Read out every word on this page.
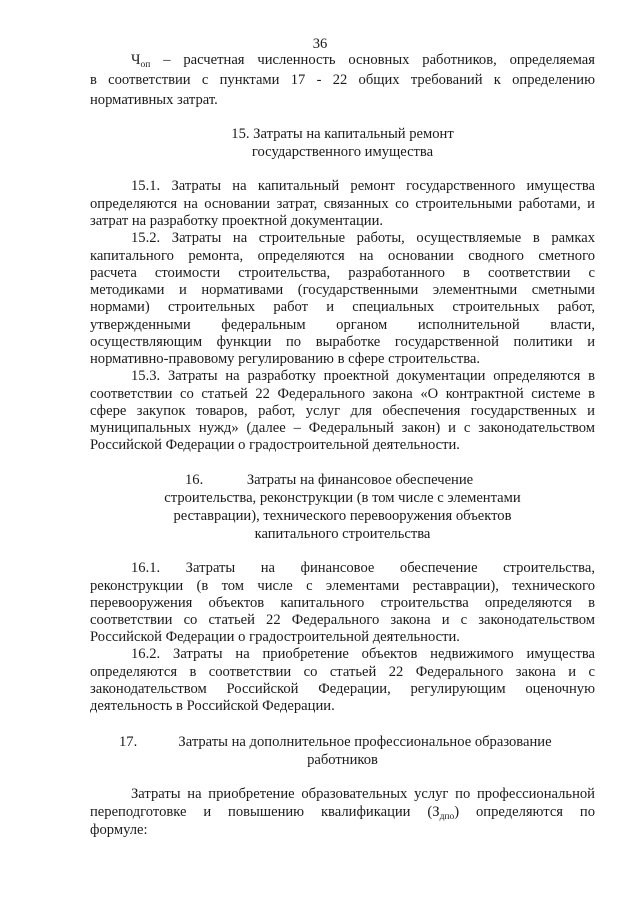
36
$Ч_{оп}$ – расчетная численность основных работников, определяемая
в соответствии с пунктами 17 - 22 общих требований к определению
нормативных затрат.
15. Затраты на капитальный ремонт
государственного имущества
15.1. Затраты на капитальный ремонт государственного имущества
определяются на основании затрат, связанных со строительными работами, и
затрат на разработку проектной документации.
15.2. Затраты на строительные работы, осуществляемые в рамках
капитального ремонта, определяются на основании сводного сметного
расчета стоимости строительства, разработанного в соответствии с
методиками и нормативами (государственными элементными сметными
нормами) строительных работ и специальных строительных работ,
утвержденными федеральным органом исполнительной власти,
осуществляющим функции по выработке государственной политики и
нормативно-правовому регулированию в сфере строительства.
15.3. Затраты на разработку проектной документации определяются в
соответствии со статьей 22 Федерального закона «О контрактной системе в
сфере закупок товаров, работ, услуг для обеспечения государственных и
муниципальных нужд» (далее – Федеральный закон) и с законодательством
Российской Федерации о градостроительной деятельности.
16.	Затраты на финансовое обеспечение
строительства, реконструкции (в том числе с элементами
реставрации), технического перевооружения объектов
капитального строительства
16.1. Затраты на финансовое обеспечение строительства,
реконструкции (в том числе с элементами реставрации), технического
перевооружения объектов капитального строительства определяются в
соответствии со статьей 22 Федерального закона и с законодательством
Российской Федерации о градостроительной деятельности.
16.2. Затраты на приобретение объектов недвижимого имущества
определяются в соответствии со статьей 22 Федерального закона и с
законодательством Российской Федерации, регулирующим оценочную
деятельность в Российской Федерации.
17.	Затраты на дополнительное профессиональное образование
работников
Затраты на приобретение образовательных услуг по профессиональной
переподготовке и повышению квалификации $(З_{дпо})$ определяются по
формуле:
